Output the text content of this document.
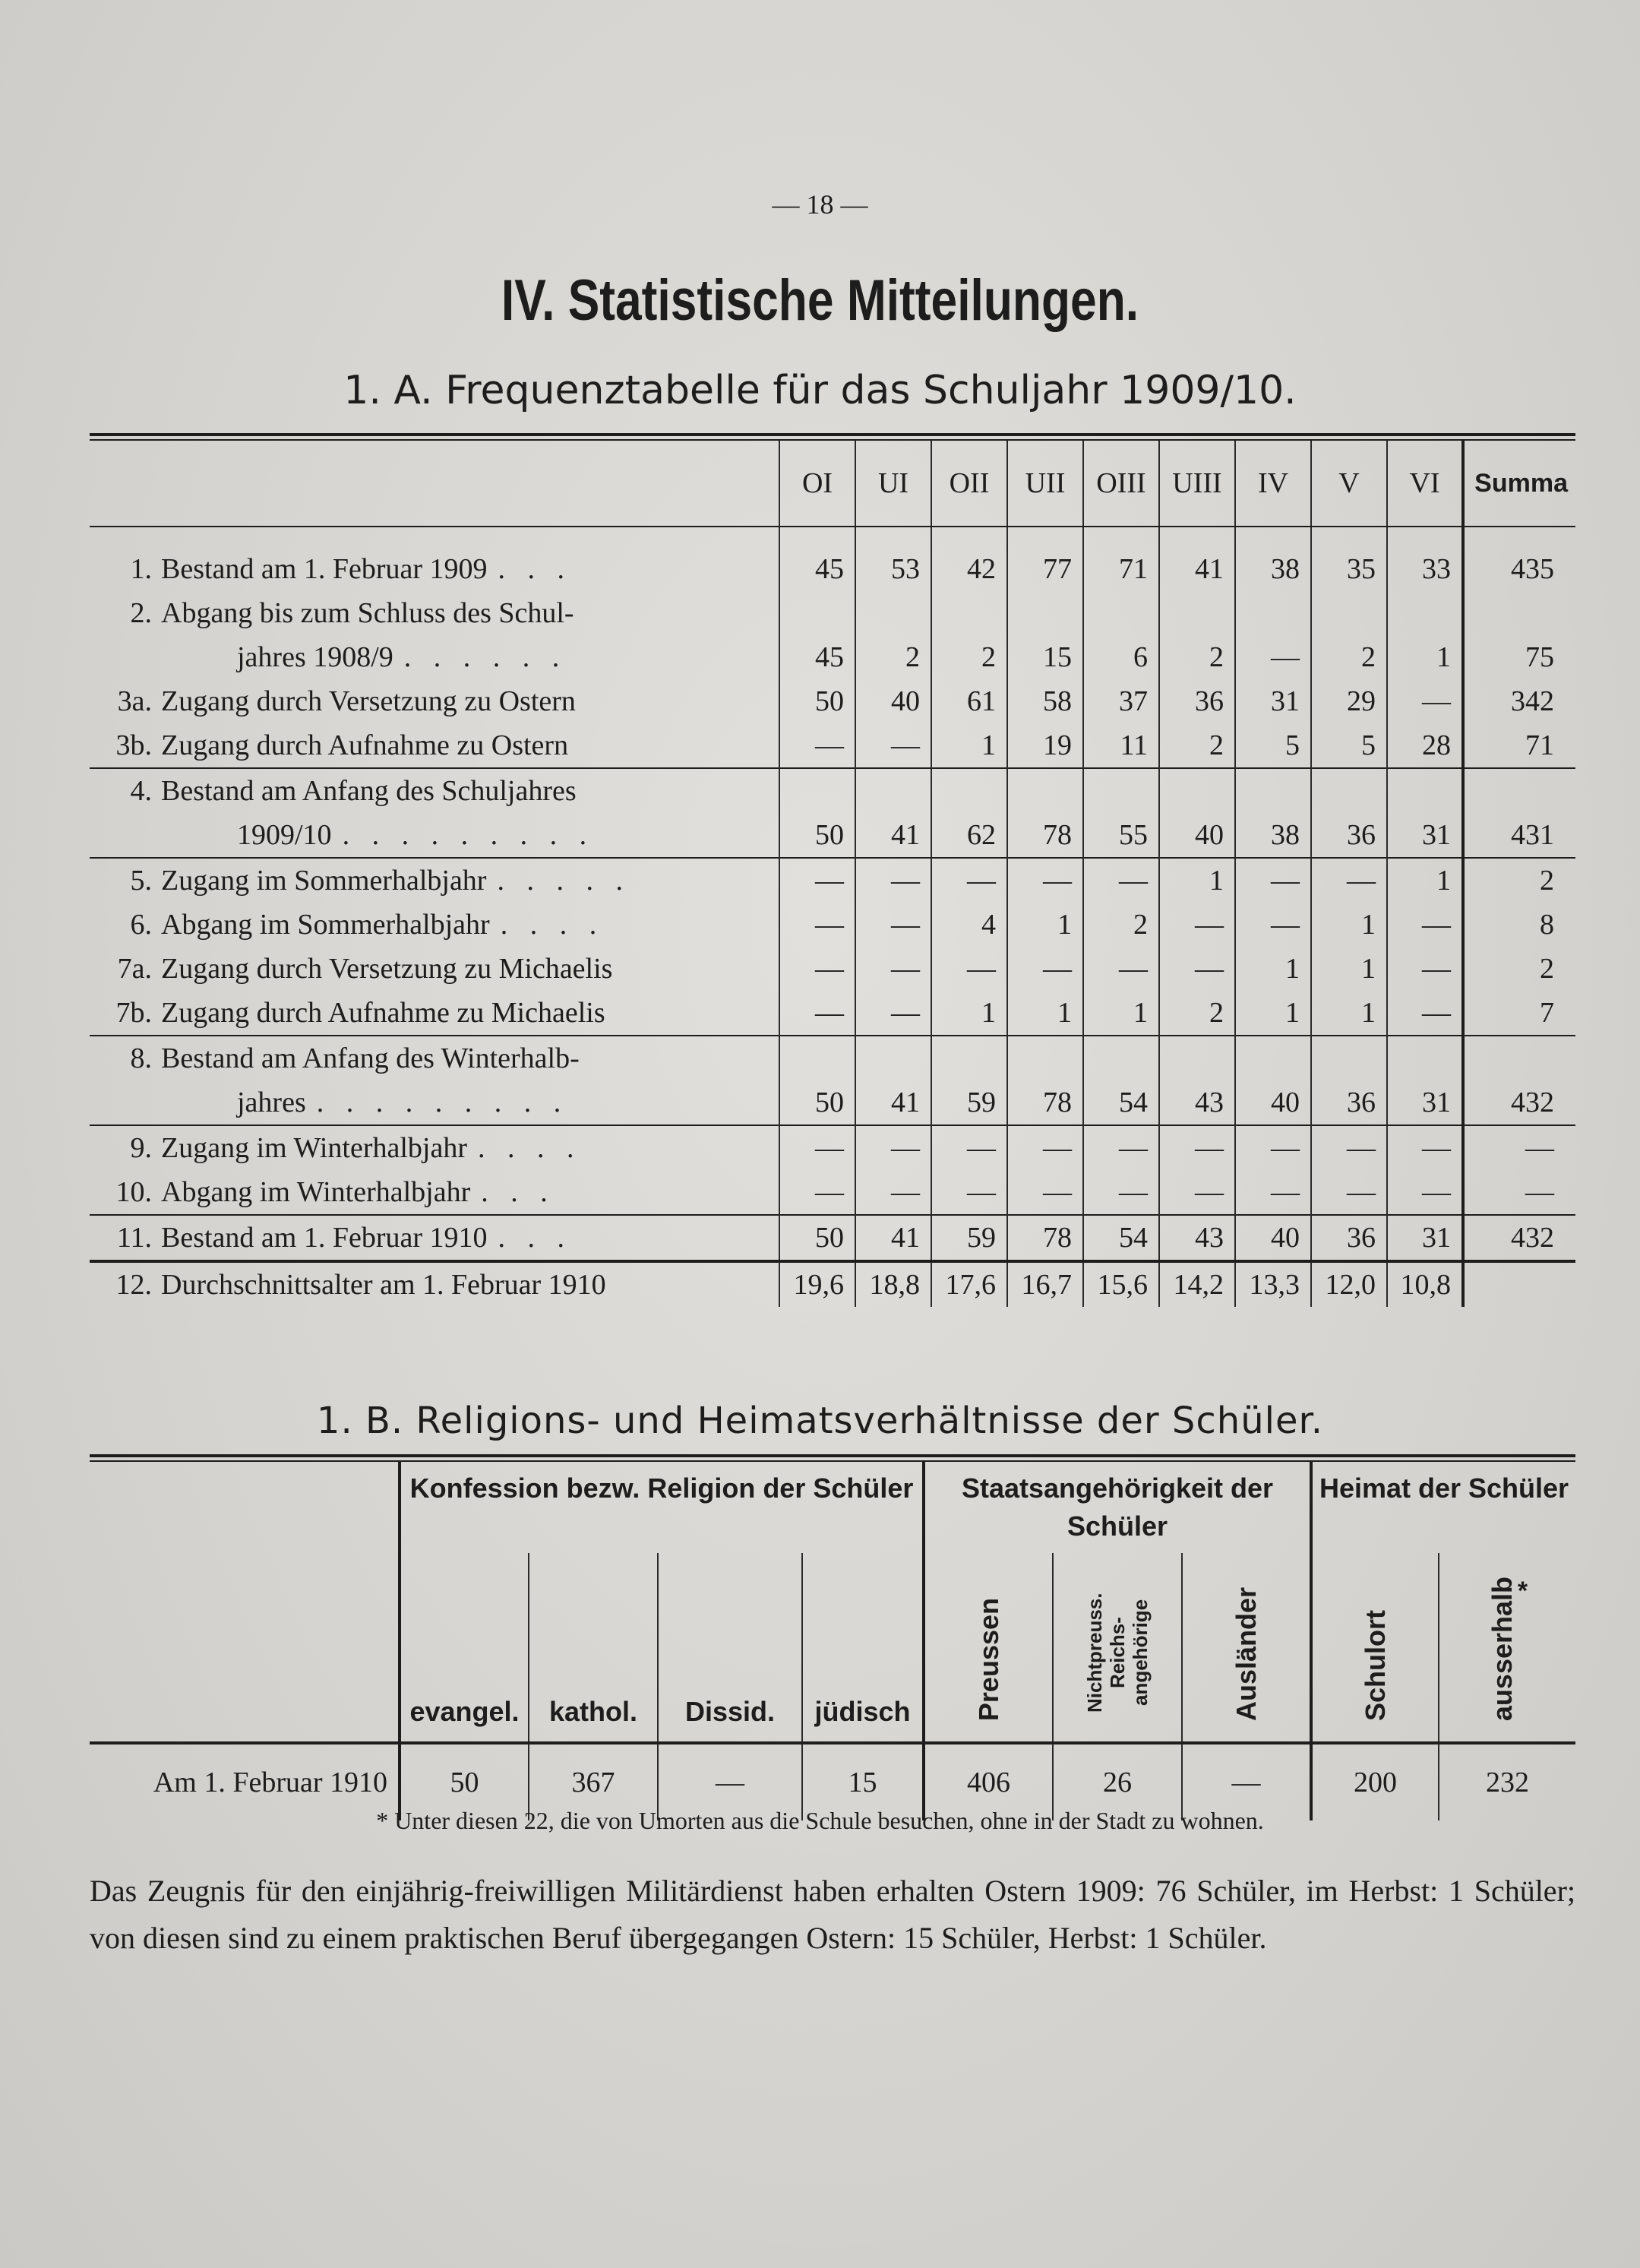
— 18 —
IV. Statistische Mitteilungen.
1. A. Frequenztabelle für das Schuljahr 1909/10.
	OI	UI	OII	UII	OIII	UIII	IV	V	VI	Summa

1. Bestand am 1. Februar 1909 . . .	45	53	42	77	71	41	38	35	33	435
2. Abgang bis zum Schluss des Schul-										
jahres 1908/9 . . . . . .	45	2	2	15	6	2	—	2	1	75
3a. Zugang durch Versetzung zu Ostern	50	40	61	58	37	36	31	29	—	342
3b. Zugang durch Aufnahme zu Ostern	—	—	1	19	11	2	5	5	28	71
4. Bestand am Anfang des Schuljahres										
1909/10 . . . . . . . . .	50	41	62	78	55	40	38	36	31	431
5. Zugang im Sommerhalbjahr . . . . .	—	—	—	—	—	1	—	—	1	2
6. Abgang im Sommerhalbjahr . . . .	—	—	4	1	2	—	—	1	—	8
7a. Zugang durch Versetzung zu Michaelis	—	—	—	—	—	—	1	1	—	2
7b. Zugang durch Aufnahme zu Michaelis	—	—	1	1	1	2	1	1	—	7
8. Bestand am Anfang des Winterhalb-										
jahres . . . . . . . . .	50	41	59	78	54	43	40	36	31	432
9. Zugang im Winterhalbjahr . . . .	—	—	—	—	—	—	—	—	—	—
10. Abgang im Winterhalbjahr . . .	—	—	—	—	—	—	—	—	—	—
11. Bestand am 1. Februar 1910 . . .	50	41	59	78	54	43	40	36	31	432
12. Durchschnittsalter am 1. Februar 1910	19,6	18,8	17,6	16,7	15,6	14,2	13,3	12,0	10,8	
1. B. Religions- und Heimatsverhältnisse der Schüler.
	Konfession bezw. Religion der Schüler				Staatsangehörigkeit der Schüler			Heimat der Schüler	
	evangel.	kathol.	Dissid.	jüdisch	Preussen	Nichtpreuss. Reichs-angehörige	Ausländer	Schulort	ausserhalb*
Am 1. Februar 1910	50	367	—	15	406	26	—	200	232
* Unter diesen 22, die von Umorten aus die Schule besuchen, ohne in der Stadt zu wohnen.
Das Zeugnis für den einjährig-freiwilligen Militärdienst haben erhalten Ostern 1909: 76 Schüler, im Herbst: 1 Schüler; von diesen sind zu einem praktischen Beruf übergegangen Ostern: 15 Schüler, Herbst: 1 Schüler.
